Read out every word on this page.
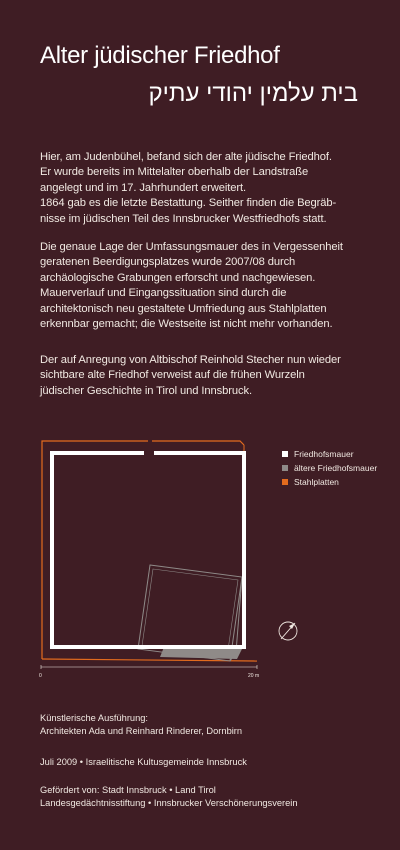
Alter jüdischer Friedhof
בית עלמין יהודי עתיק

Hier, am Judenbühel, befand sich der alte jüdische Friedhof.

Er wurde bereits im Mittelalter oberhalb der Landstraße

angelegt und im 17. Jahrhundert erweitert.

1864 gab es die letzte Bestattung. Seither finden die Begräb-

nisse im jüdischen Teil des Innsbrucker Westfriedhofs statt.

Die genaue Lage der Umfassungsmauer des in Vergessenheit

geratenen Beerdigungsplatzes wurde 2007/08 durch

archäologische Grabungen erforscht und nachgewiesen.

Mauerverlauf und Eingangssituation sind durch die

architektonisch neu gestaltete Umfriedung aus Stahlplatten

erkennbar gemacht; die Westseite ist nicht mehr vorhanden.

Der auf Anregung von Altbischof Reinhold Stecher nun wieder

sichtbare alte Friedhof verweist auf die frühen Wurzeln

jüdischer Geschichte in Tirol und Innsbruck.

0	20 m
Friedhofsmauer
ältere Friedhofsmauer
Stahlplatten

Künstlerische Ausführung:

Architekten Ada und Reinhard Rinderer, Dornbirn

Juli 2009 • Israelitische Kultusgemeinde Innsbruck

Gefördert von: Stadt Innsbruck • Land Tirol

Landesgedächtnisstiftung • Innsbrucker Verschönerungsverein
